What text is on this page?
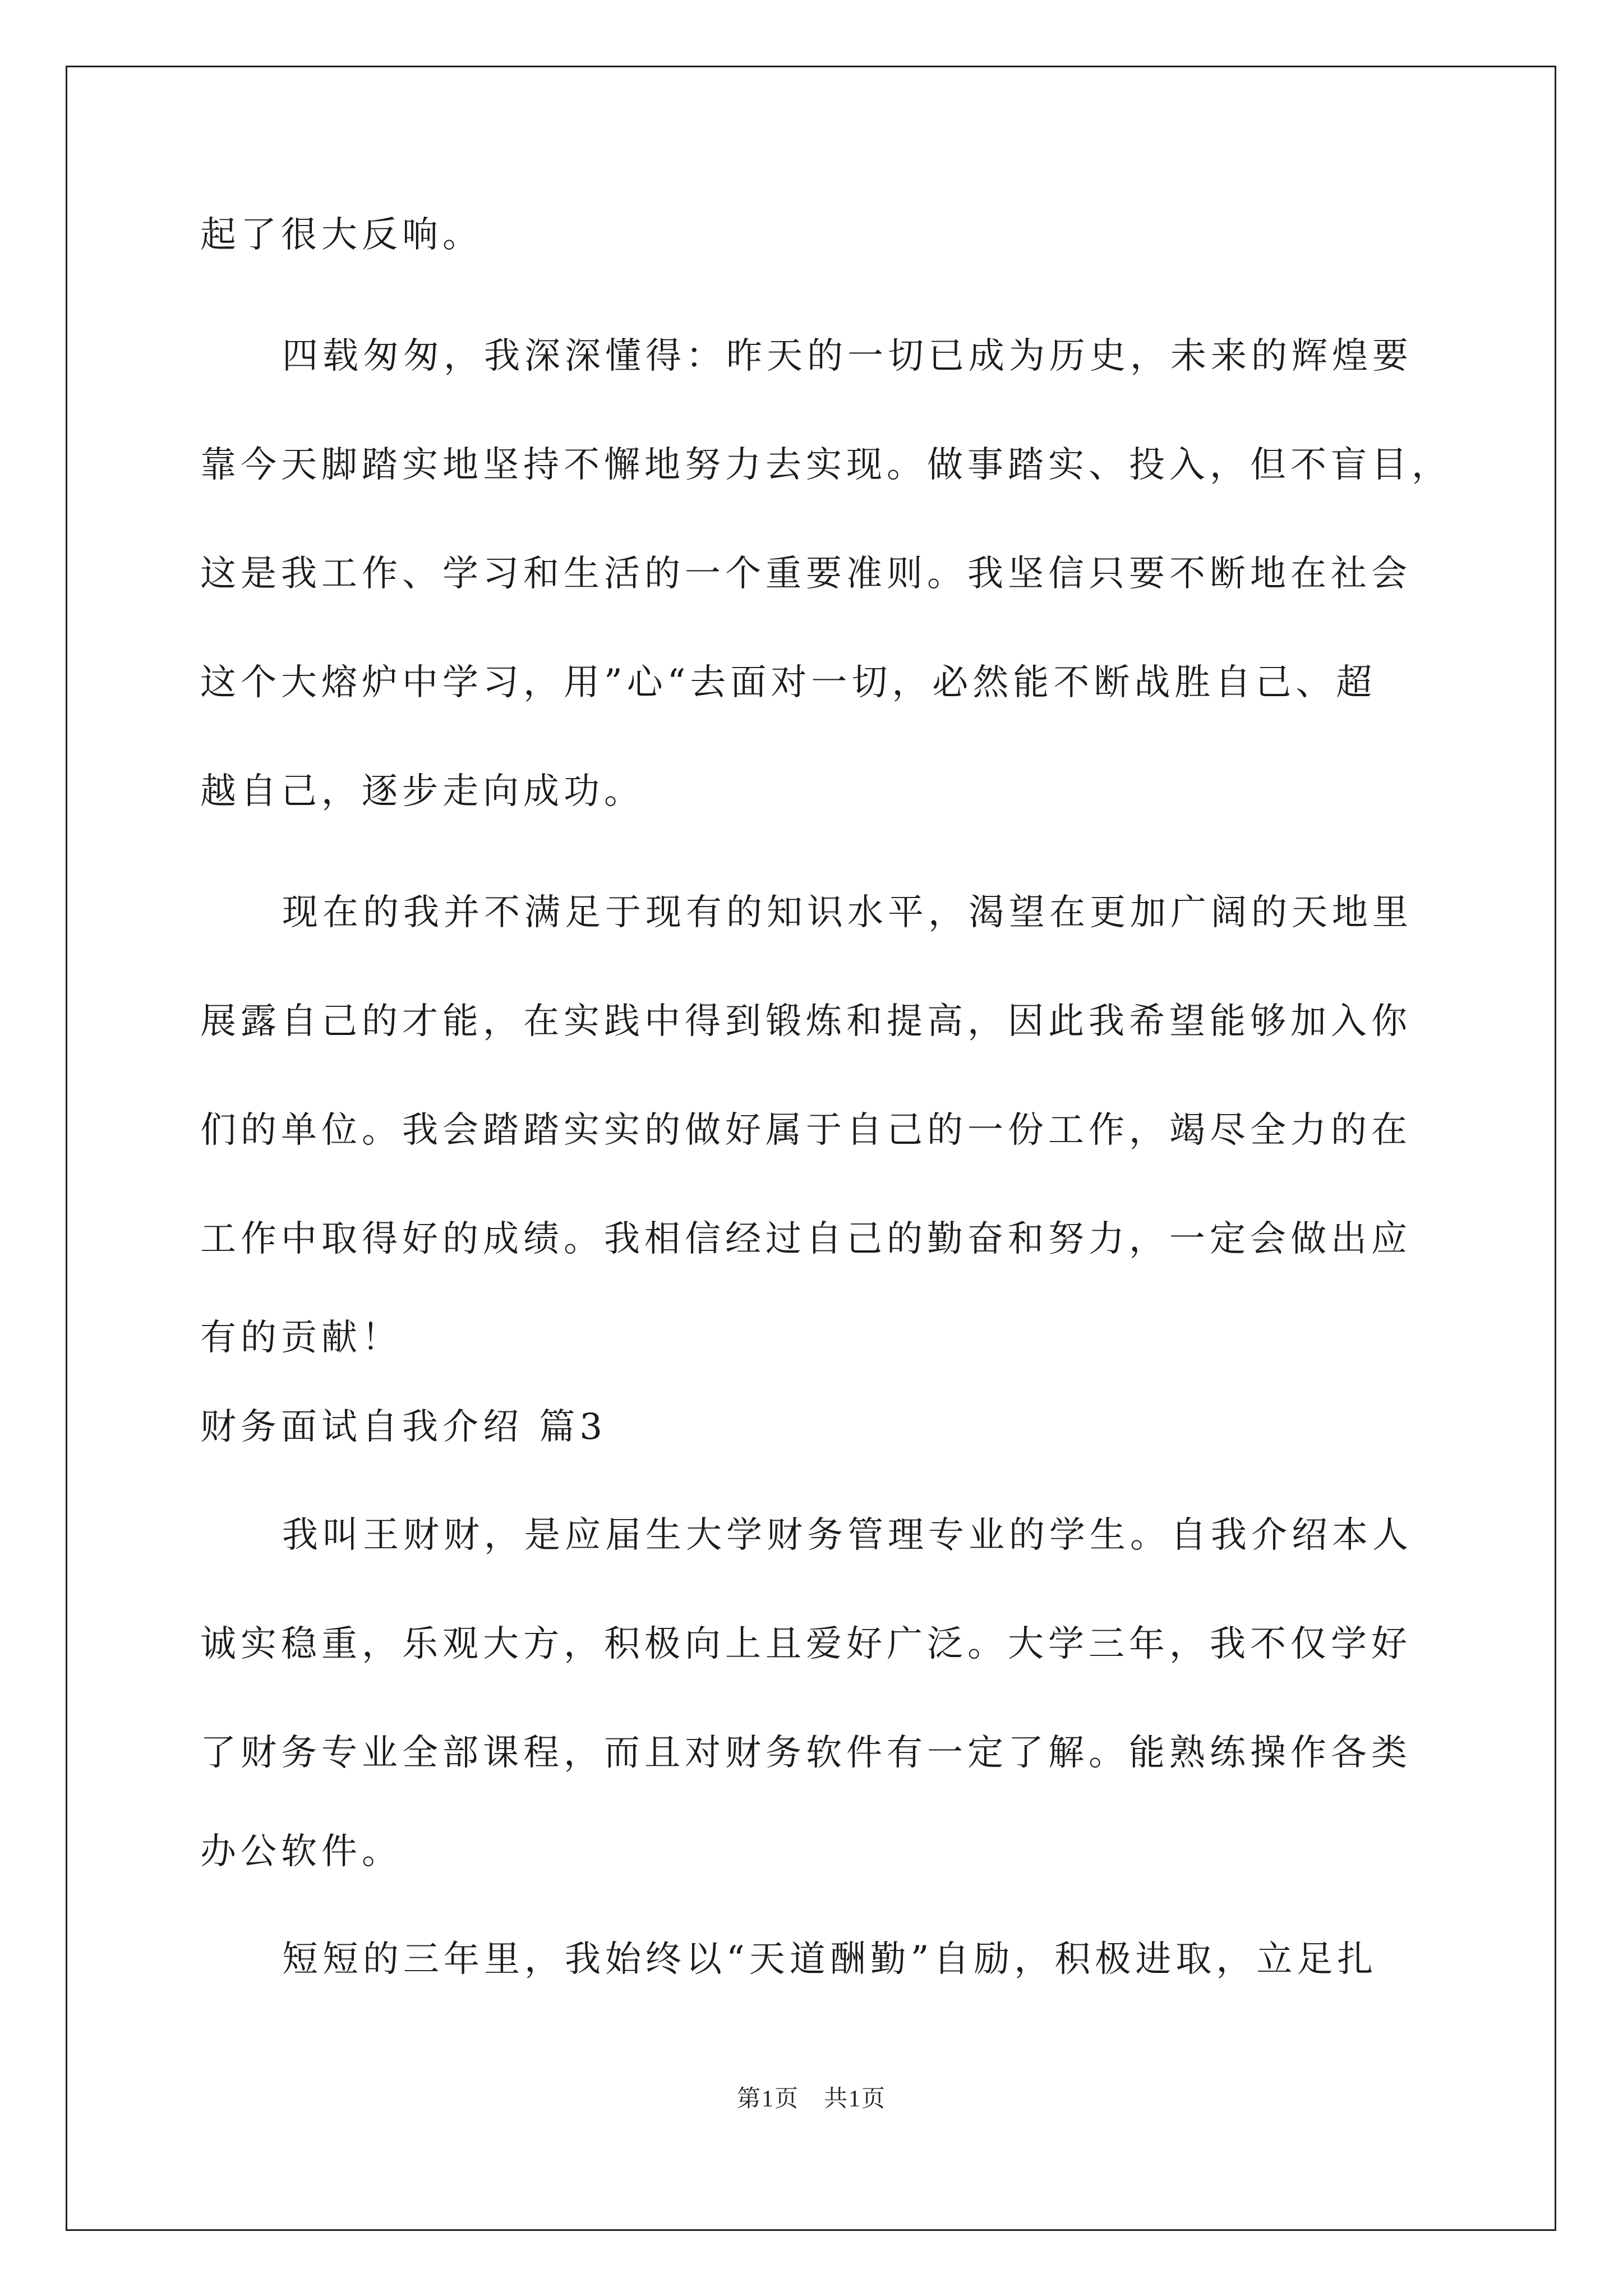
起了很大反响。
四载匆匆，我深深懂得：昨天的一切已成为历史，未来的辉煌要
靠今天脚踏实地坚持不懈地努力去实现。做事踏实、投入，但不盲目，
这是我工作、学习和生活的一个重要准则。我坚信只要不断地在社会
这个大熔炉中学习，用”心“去面对一切，必然能不断战胜自己、超
越自己，逐步走向成功。
现在的我并不满足于现有的知识水平，渴望在更加广阔的天地里
展露自己的才能，在实践中得到锻炼和提高，因此我希望能够加入你
们的单位。我会踏踏实实的做好属于自己的一份工作，竭尽全力的在
工作中取得好的成绩。我相信经过自己的勤奋和努力，一定会做出应
有的贡献！
财务面试自我介绍 篇3
我叫王财财，是应届生大学财务管理专业的学生。自我介绍本人
诚实稳重，乐观大方，积极向上且爱好广泛。大学三年，我不仅学好
了财务专业全部课程，而且对财务软件有一定了解。能熟练操作各类
办公软件。
短短的三年里，我始终以“天道酬勤”自励，积极进取，立足扎
第1页　共1页
